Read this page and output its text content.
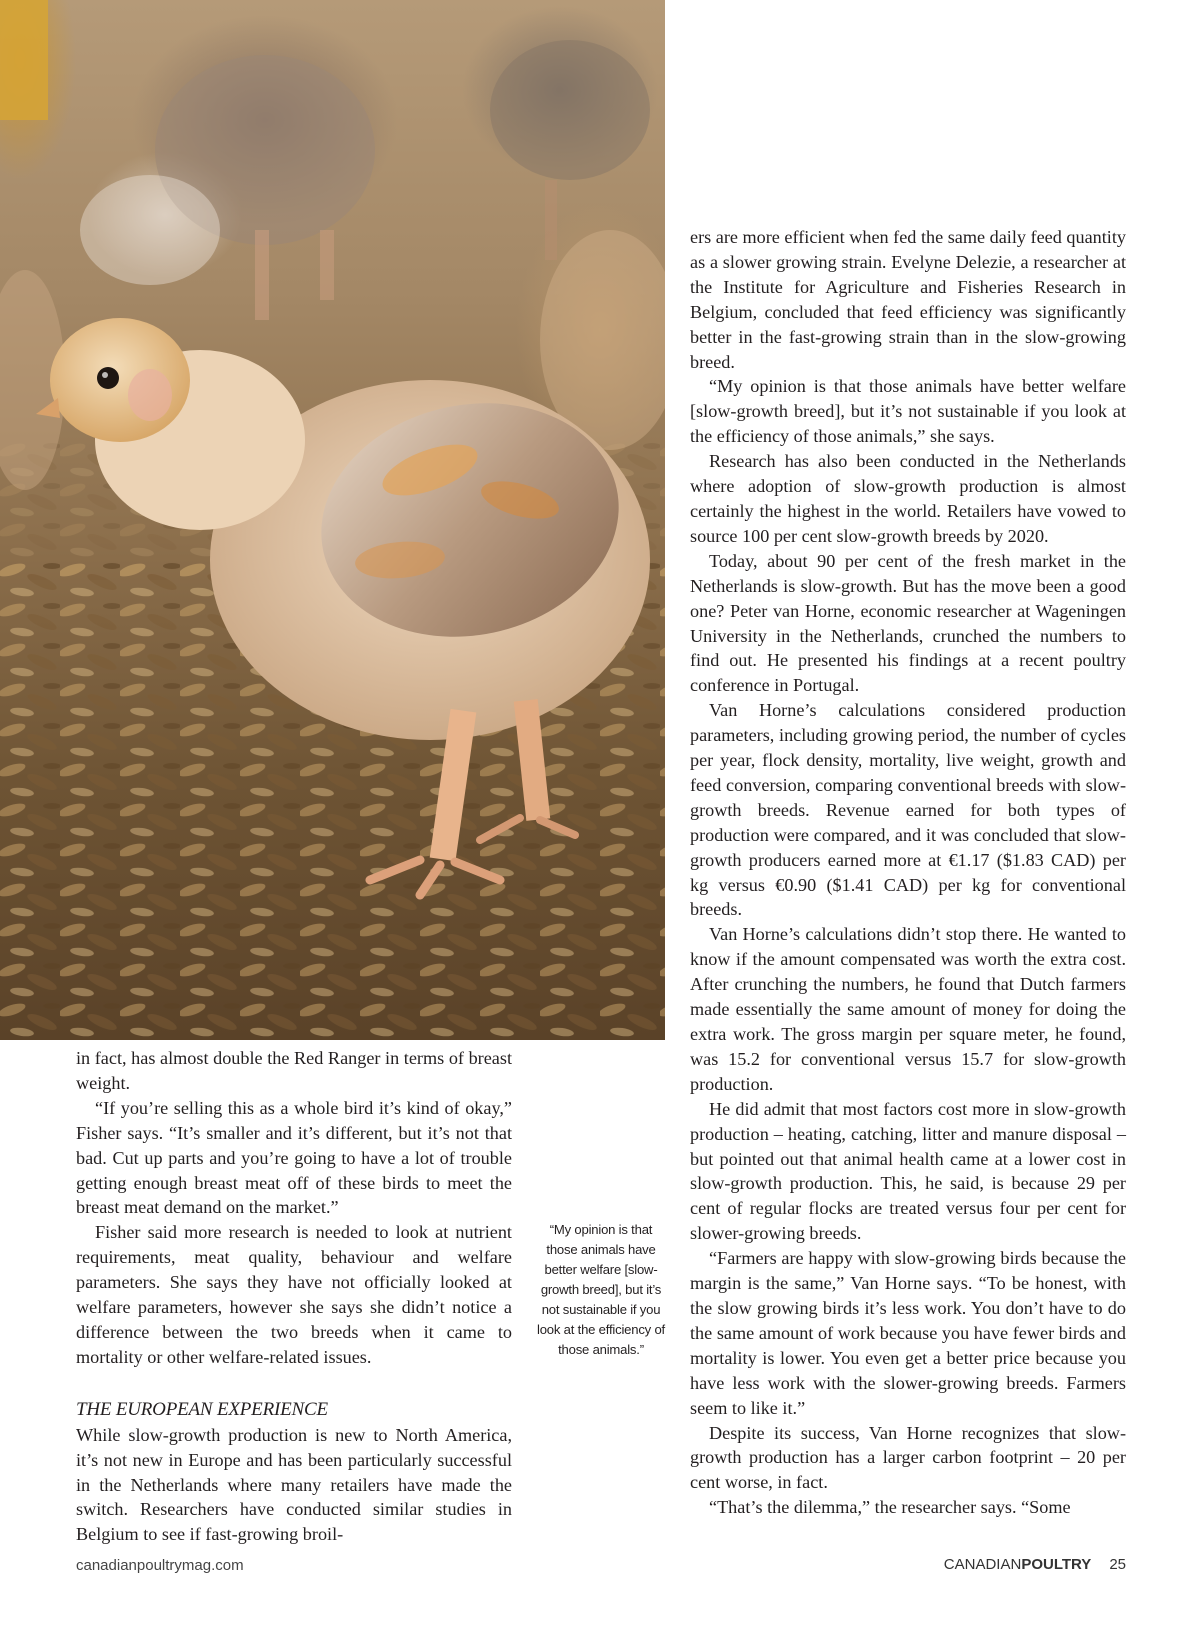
in fact, has almost double the Red Ranger in terms of breast weight.

“If you’re selling this as a whole bird it’s kind of okay,” Fisher says. “It’s smaller and it’s different, but it’s not that bad. Cut up parts and you’re going to have a lot of trouble getting enough breast meat off of these birds to meet the breast meat demand on the market.”

Fisher said more research is needed to look at nutrient requirements, meat quality, behaviour and welfare parameters. She says they have not officially looked at welfare parameters, however she says she didn’t notice a difference between the two breeds when it came to mortality or other welfare-related issues.

THE EUROPEAN EXPERIENCE

While slow-growth production is new to North America, it’s not new in Europe and has been particularly successful in the Netherlands where many retailers have made the switch. Researchers have conducted similar studies in Belgium to see if fast-growing broil-

“My opinion is that those animals have better welfare [slow-growth breed], but it’s not sustainable if you look at the efficiency of those animals.”

ers are more efficient when fed the same daily feed quantity as a slower growing strain. Evelyne Delezie, a researcher at the Institute for Agriculture and Fisheries Research in Belgium, concluded that feed efficiency was significantly better in the fast-growing strain than in the slow-growing breed.

“My opinion is that those animals have better welfare [slow-growth breed], but it’s not sustainable if you look at the efficiency of those animals,” she says.

Research has also been conducted in the Netherlands where adoption of slow-growth production is almost certainly the highest in the world. Retailers have vowed to source 100 per cent slow-growth breeds by 2020.

Today, about 90 per cent of the fresh market in the Netherlands is slow-growth. But has the move been a good one? Peter van Horne, economic researcher at Wageningen University in the Netherlands, crunched the numbers to find out. He presented his findings at a recent poultry conference in Portugal.

Van Horne’s calculations considered production parameters, including growing period, the number of cycles per year, flock density, mortality, live weight, growth and feed conversion, comparing conventional breeds with slow-growth breeds. Revenue earned for both types of production were compared, and it was concluded that slow-growth producers earned more at €1.17 ($1.83 CAD) per kg versus €0.90 ($1.41 CAD) per kg for conventional breeds.

Van Horne’s calculations didn’t stop there. He wanted to know if the amount compensated was worth the extra cost. After crunching the numbers, he found that Dutch farmers made essentially the same amount of money for doing the extra work. The gross margin per square meter, he found, was 15.2 for conventional versus 15.7 for slow-growth production.

He did admit that most factors cost more in slow-growth production – heating, catching, litter and manure disposal – but pointed out that animal health came at a lower cost in slow-growth production. This, he said, is because 29 per cent of regular flocks are treated versus four per cent for slower-growing breeds.

“Farmers are happy with slow-growing birds because the margin is the same,” Van Horne says. “To be honest, with the slow growing birds it’s less work. You don’t have to do the same amount of work because you have fewer birds and mortality is lower. You even get a better price because you have less work with the slower-growing breeds. Farmers seem to like it.”

Despite its success, Van Horne recognizes that slow-growth production has a larger carbon footprint – 20 per cent worse, in fact.

“That’s the dilemma,” the researcher says. “Some

canadianpoultrymag.com	CANADIANPOULTRY 25
